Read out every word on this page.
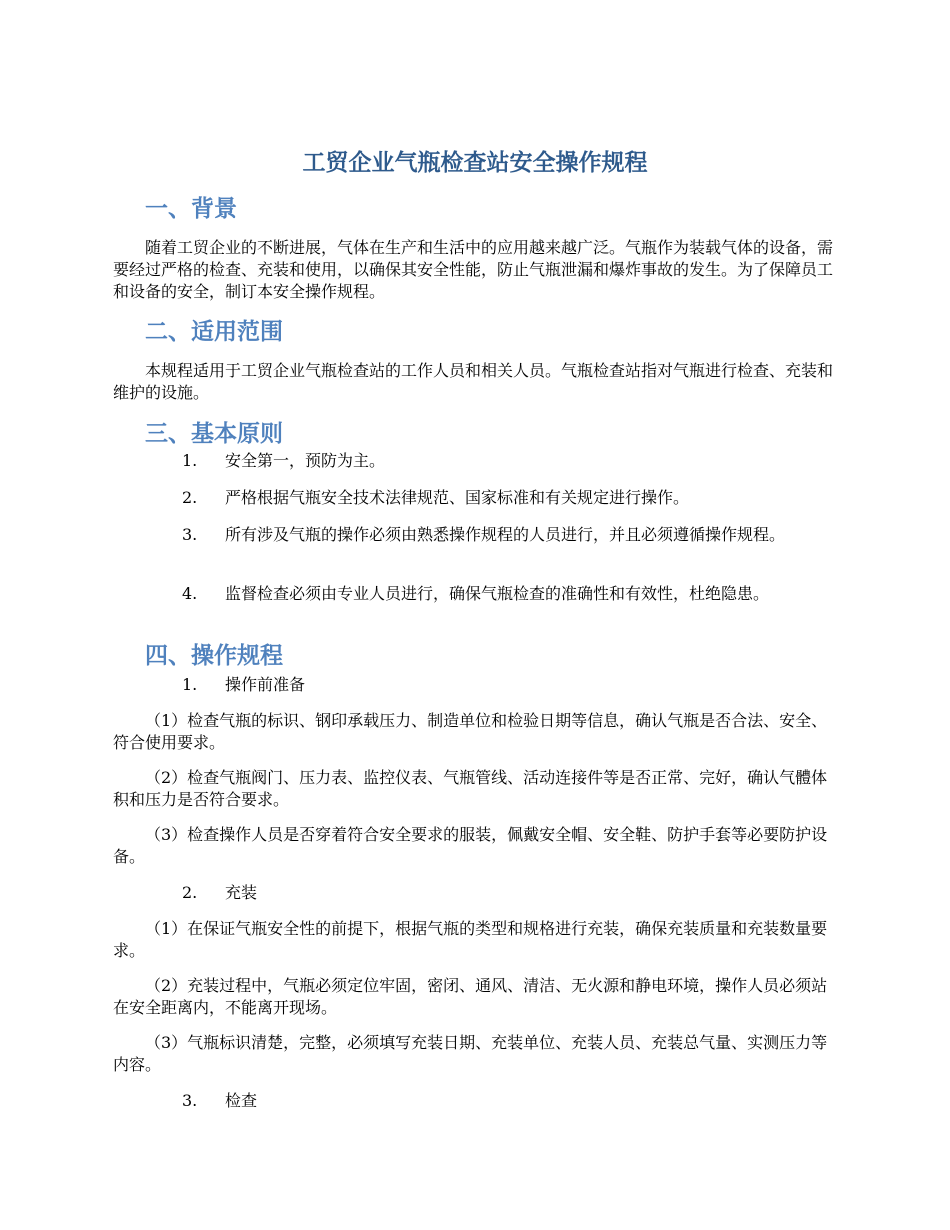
工贸企业气瓶检查站安全操作规程
一、背景
随着工贸企业的不断进展，气体在生产和生活中的应用越来越广泛。气瓶作为装载气体的设备，需要经过严格的检查、充装和使用，以确保其安全性能，防止气瓶泄漏和爆炸事故的发生。为了保障员工和设备的安全，制订本安全操作规程。
二、适用范围
本规程适用于工贸企业气瓶检查站的工作人员和相关人员。气瓶检查站指对气瓶进行检查、充装和维护的设施。
三、基本原则
1. 安全第一，预防为主。
2. 严格根据气瓶安全技术法律规范、国家标准和有关规定进行操作。
3. 所有涉及气瓶的操作必须由熟悉操作规程的人员进行，并且必须遵循操作规程。
4. 监督检查必须由专业人员进行，确保气瓶检查的准确性和有效性，杜绝隐患。
四、操作规程
1. 操作前准备
（1）检查气瓶的标识、钢印承载压力、制造单位和检验日期等信息，确认气瓶是否合法、安全、符合使用要求。
（2）检查气瓶阀门、压力表、监控仪表、气瓶管线、活动连接件等是否正常、完好，确认气體体积和压力是否符合要求。
（3）检查操作人员是否穿着符合安全要求的服装，佩戴安全帽、安全鞋、防护手套等必要防护设备。
2. 充装
（1）在保证气瓶安全性的前提下，根据气瓶的类型和规格进行充装，确保充装质量和充装数量要求。
（2）充装过程中，气瓶必须定位牢固，密闭、通风、清洁、无火源和静电环境，操作人员必须站在安全距离内，不能离开现场。
（3）气瓶标识清楚，完整，必须填写充装日期、充装单位、充装人员、充装总气量、实测压力等内容。
3. 检查
